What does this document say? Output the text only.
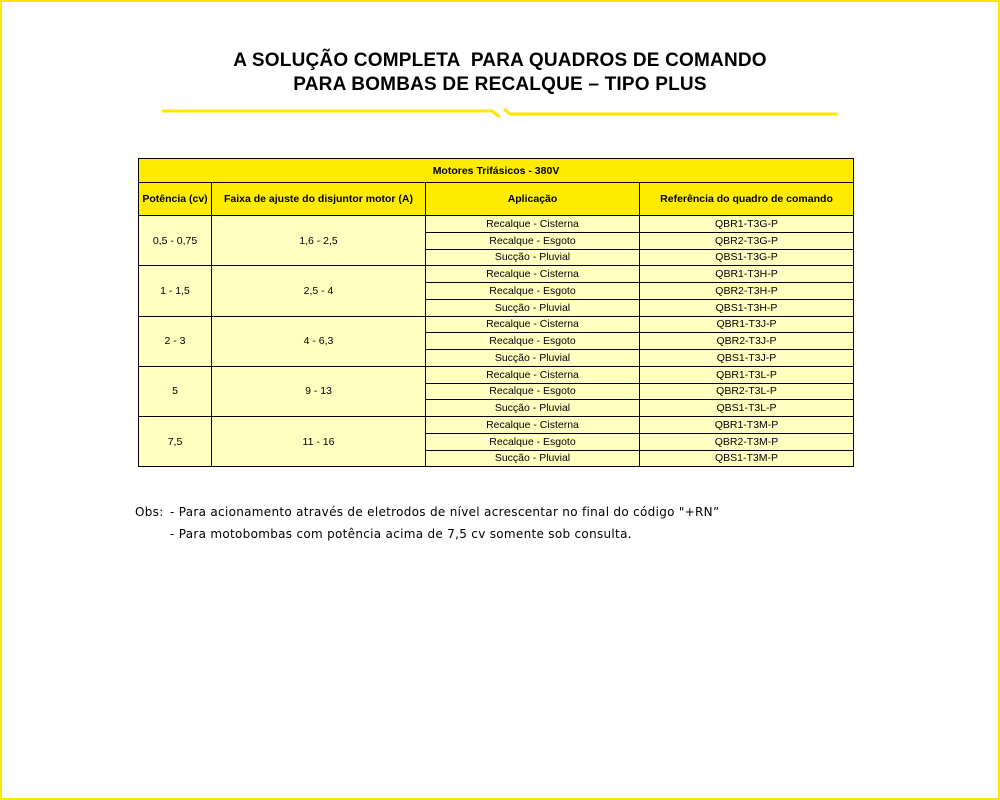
A SOLUÇÃO COMPLETA  PARA QUADROS DE COMANDO
PARA BOMBAS DE RECALQUE – TIPO PLUS
Motores Trifásicos - 380V			
Potência (cv)	Faixa de ajuste do disjuntor motor (A)	Aplicação	Referência do quadro de comando
0,5 - 0,75	1,6 - 2,5	Recalque - Cisterna	QBR1-T3G-P
		Recalque - Esgoto	QBR2-T3G-P
		Sucção - Pluvial	QBS1-T3G-P
1 - 1,5	2,5 - 4	Recalque - Cisterna	QBR1-T3H-P
		Recalque - Esgoto	QBR2-T3H-P
		Sucção - Pluvial	QBS1-T3H-P
2 - 3	4 - 6,3	Recalque - Cisterna	QBR1-T3J-P
		Recalque - Esgoto	QBR2-T3J-P
		Sucção - Pluvial	QBS1-T3J-P
5	9 - 13	Recalque - Cisterna	QBR1-T3L-P
		Recalque - Esgoto	QBR2-T3L-P
		Sucção - Pluvial	QBS1-T3L-P
7,5	11 - 16	Recalque - Cisterna	QBR1-T3M-P
		Recalque - Esgoto	QBR2-T3M-P
		Sucção - Pluvial	QBS1-T3M-P
Obs: - Para acionamento através de eletrodos de nível acrescentar no final do código "+RN”
- Para motobombas com potência acima de 7,5 cv somente sob consulta.
